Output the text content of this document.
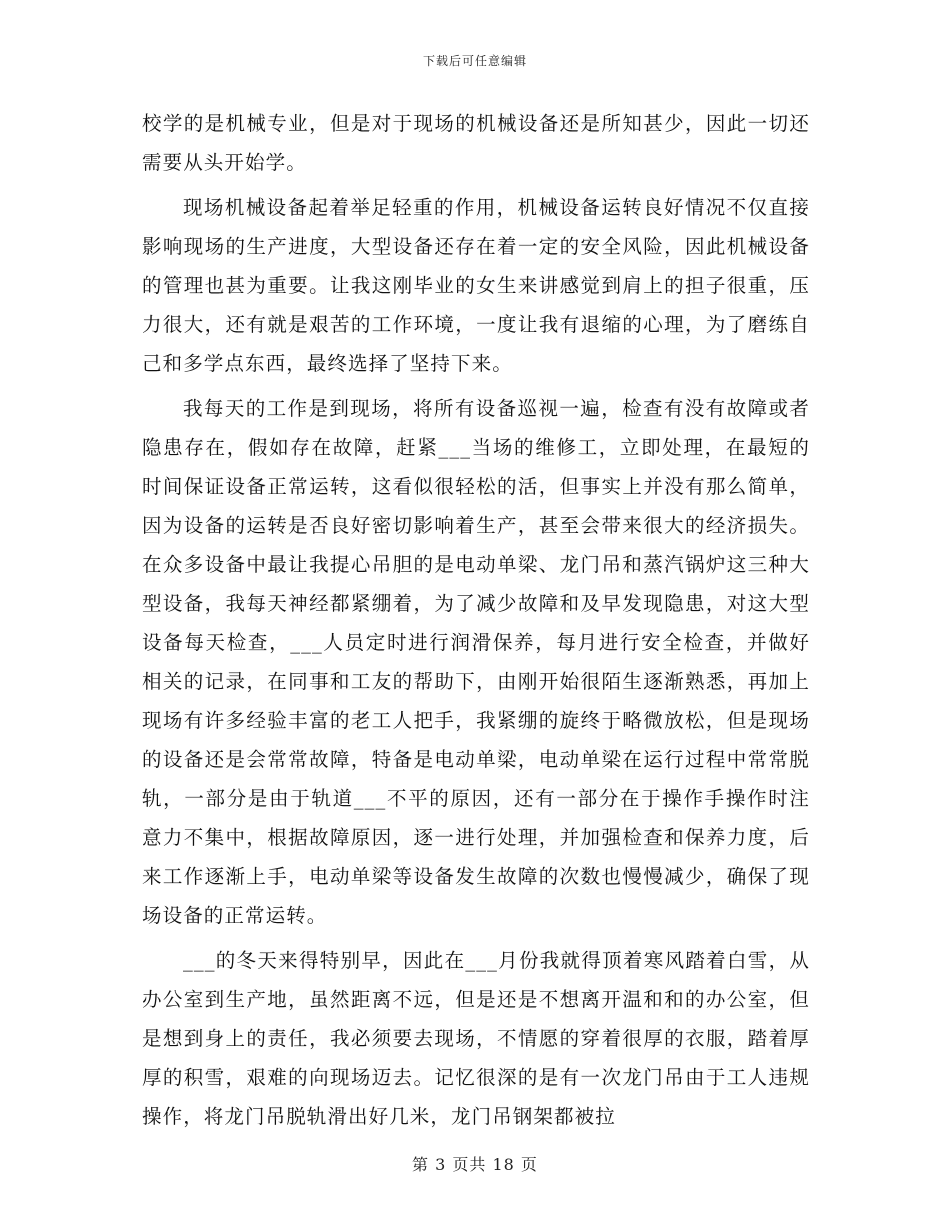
下载后可任意编辑

校学的是机械专业，但是对于现场的机械设备还是所知甚少，因此一切还需要从头开始学。

现场机械设备起着举足轻重的作用，机械设备运转良好情况不仅直接影响现场的生产进度，大型设备还存在着一定的安全风险，因此机械设备的管理也甚为重要。让我这刚毕业的女生来讲感觉到肩上的担子很重，压力很大，还有就是艰苦的工作环境，一度让我有退缩的心理，为了磨练自己和多学点东西，最终选择了坚持下来。

我每天的工作是到现场，将所有设备巡视一遍，检查有没有故障或者隐患存在，假如存在故障，赶紧___当场的维修工，立即处理，在最短的时间保证设备正常运转，这看似很轻松的活，但事实上并没有那么简单，因为设备的运转是否良好密切影响着生产，甚至会带来很大的经济损失。在众多设备中最让我提心吊胆的是电动单梁、龙门吊和蒸汽锅炉这三种大型设备，我每天神经都紧绷着，为了减少故障和及早发现隐患，对这大型设备每天检查，___人员定时进行润滑保养，每月进行安全检查，并做好相关的记录，在同事和工友的帮助下，由刚开始很陌生逐渐熟悉，再加上现场有许多经验丰富的老工人把手，我紧绷的旋终于略微放松，但是现场的设备还是会常常故障，特备是电动单梁，电动单梁在运行过程中常常脱轨，一部分是由于轨道___不平的原因，还有一部分在于操作手操作时注意力不集中，根据故障原因，逐一进行处理，并加强检查和保养力度，后来工作逐渐上手，电动单梁等设备发生故障的次数也慢慢减少，确保了现场设备的正常运转。

___的冬天来得特别早，因此在___月份我就得顶着寒风踏着白雪，从办公室到生产地，虽然距离不远，但是还是不想离开温和和的办公室，但是想到身上的责任，我必须要去现场，不情愿的穿着很厚的衣服，踏着厚厚的积雪，艰难的向现场迈去。记忆很深的是有一次龙门吊由于工人违规操作，将龙门吊脱轨滑出好几米，龙门吊钢架都被拉

第 3 页共 18 页
